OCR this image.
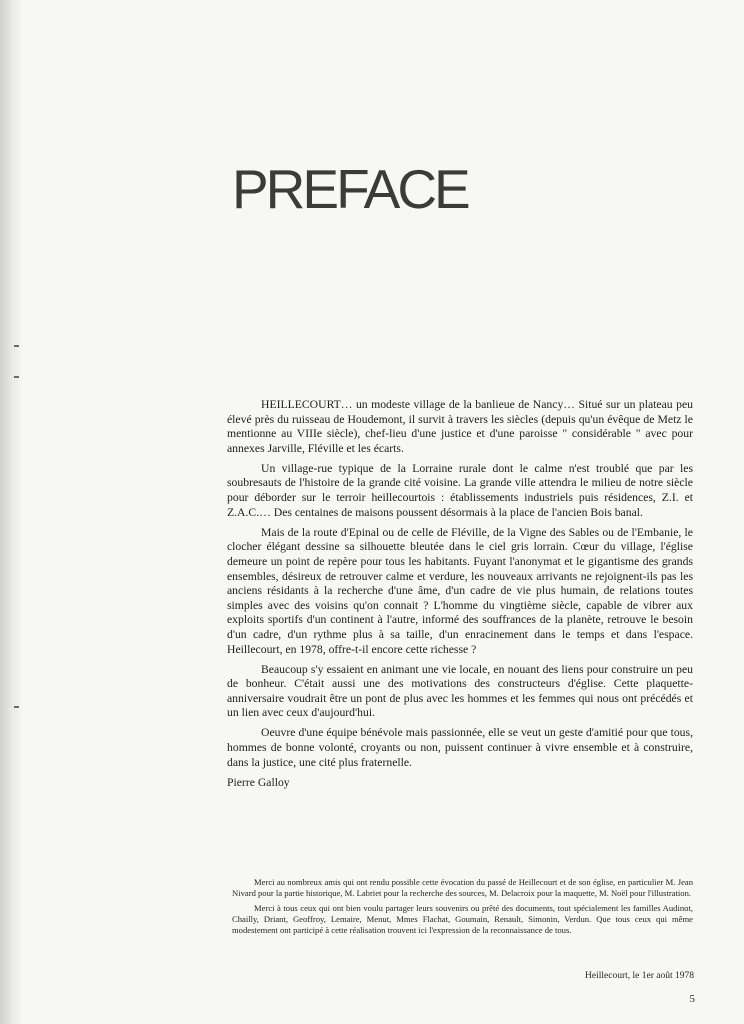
PREFACE

HEILLECOURT… un modeste village de la banlieue de Nancy… Situé sur un plateau peu élevé près du ruisseau de Houdemont, il survit à travers les siècles (depuis qu'un évêque de Metz le mentionne au VIIIe siècle), chef-lieu d'une justice et d'une paroisse " considérable " avec pour annexes Jarville, Fléville et les écarts.

Un village-rue typique de la Lorraine rurale dont le calme n'est troublé que par les soubresauts de l'histoire de la grande cité voisine. La grande ville attendra le milieu de notre siècle pour déborder sur le terroir heillecourtois : établissements industriels puis résidences, Z.I. et Z.A.C.… Des centaines de maisons poussent désormais à la place de l'ancien Bois banal.

Mais de la route d'Epinal ou de celle de Fléville, de la Vigne des Sables ou de l'Embanie, le clocher élégant dessine sa silhouette bleutée dans le ciel gris lorrain. Cœur du village, l'église demeure un point de repère pour tous les habitants. Fuyant l'anonymat et le gigantisme des grands ensembles, désireux de retrouver calme et verdure, les nouveaux arrivants ne rejoignent-ils pas les anciens résidants à la recherche d'une âme, d'un cadre de vie plus humain, de relations toutes simples avec des voisins qu'on connait ? L'homme du vingtième siècle, capable de vibrer aux exploits sportifs d'un continent à l'autre, informé des souffrances de la planète, retrouve le besoin d'un cadre, d'un rythme plus à sa taille, d'un enracinement dans le temps et dans l'espace. Heillecourt, en 1978, offre-t-il encore cette richesse ?

Beaucoup s'y essaient en animant une vie locale, en nouant des liens pour construire un peu de bonheur. C'était aussi une des motivations des constructeurs d'église. Cette plaquette-anniversaire voudrait être un pont de plus avec les hommes et les femmes qui nous ont précédés et un lien avec ceux d'aujourd'hui.

Oeuvre d'une équipe bénévole mais passionnée, elle se veut un geste d'amitié pour que tous, hommes de bonne volonté, croyants ou non, puissent continuer à vivre ensemble et à construire, dans la justice, une cité plus fraternelle.

Pierre Galloy

Merci au nombreux amis qui ont rendu possible cette évocation du passé de Heillecourt et de son église, en particulier M. Jean Nivard pour la partie historique, M. Labriet pour la recherche des sources, M. Delacroix pour la maquette, M. Noël pour l'illustration.

Merci à tous ceux qui ont bien voulu partager leurs souvenirs ou prêté des documents, tout spécialement les familles Audinot, Chailly, Driant, Geoffroy, Lemaire, Menut, Mmes Flachat, Goumain, Renault, Simonin, Verdun. Que tous ceux qui même modestement ont participé à cette réalisation trouvent ici l'expression de la reconnaissance de tous.

Heillecourt, le 1er août 1978
5
